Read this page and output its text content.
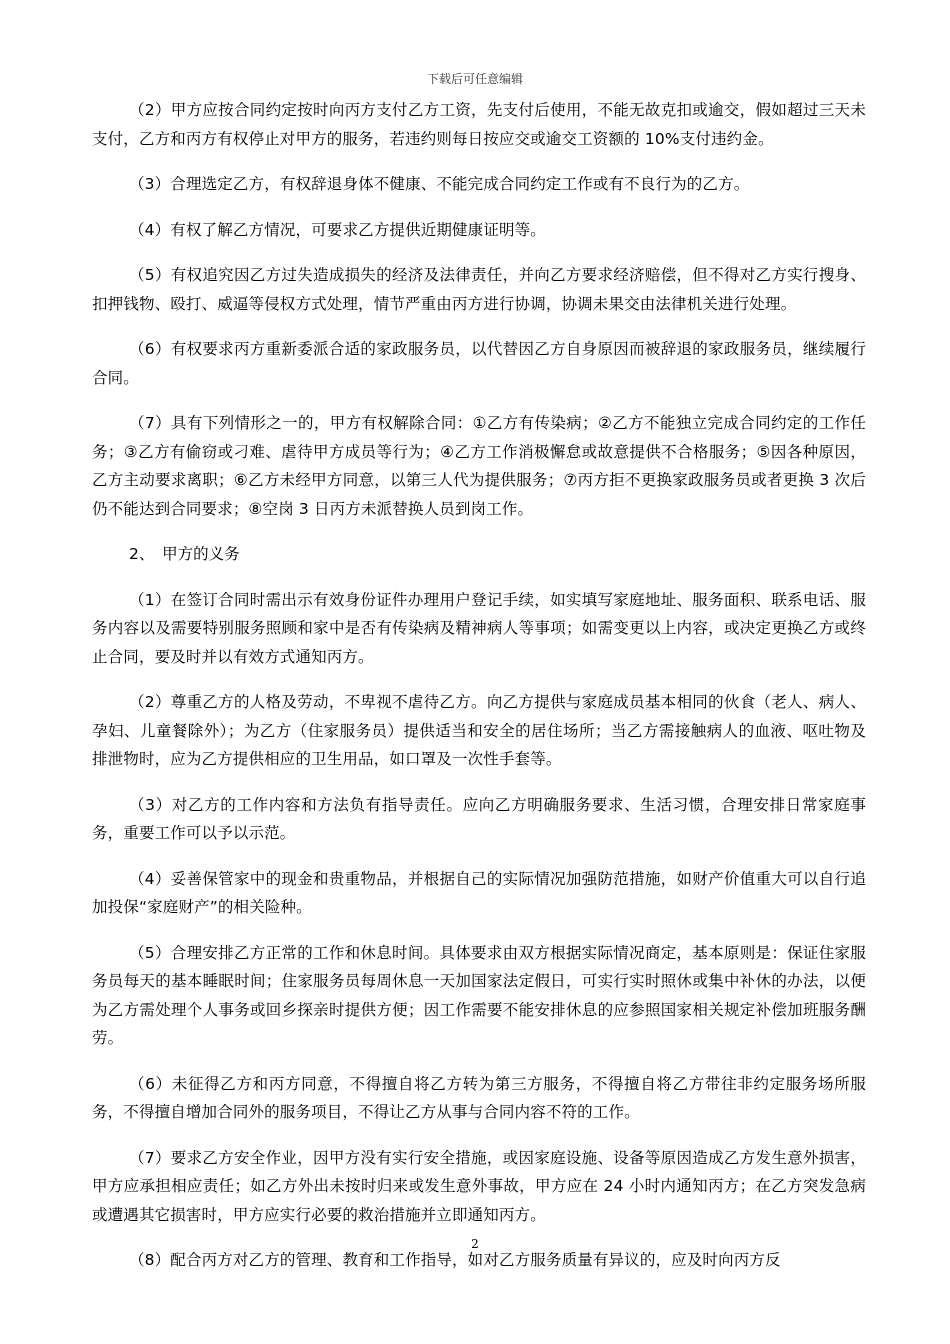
下载后可任意编辑

（2）甲方应按合同约定按时向丙方支付乙方工资，先支付后使用，不能无故克扣或逾交，假如超过三天未支付，乙方和丙方有权停止对甲方的服务，若违约则每日按应交或逾交工资额的 10%支付违约金。

（3）合理选定乙方，有权辞退身体不健康、不能完成合同约定工作或有不良行为的乙方。

（4）有权了解乙方情况，可要求乙方提供近期健康证明等。

（5）有权追究因乙方过失造成损失的经济及法律责任，并向乙方要求经济赔偿，但不得对乙方实行搜身、扣押钱物、殴打、威逼等侵权方式处理，情节严重由丙方进行协调，协调未果交由法律机关进行处理。

（6）有权要求丙方重新委派合适的家政服务员，以代替因乙方自身原因而被辞退的家政服务员，继续履行合同。

（7）具有下列情形之一的，甲方有权解除合同：①乙方有传染病；②乙方不能独立完成合同约定的工作任务；③乙方有偷窃或刁难、虐待甲方成员等行为；④乙方工作消极懈怠或故意提供不合格服务；⑤因各种原因，乙方主动要求离职；⑥乙方未经甲方同意，以第三人代为提供服务；⑦丙方拒不更换家政服务员或者更换 3 次后仍不能达到合同要求；⑧空岗 3 日丙方未派替换人员到岗工作。

2、　甲方的义务

（1）在签订合同时需出示有效身份证件办理用户登记手续，如实填写家庭地址、服务面积、联系电话、服务内容以及需要特别服务照顾和家中是否有传染病及精神病人等事项；如需变更以上内容，或决定更换乙方或终止合同，要及时并以有效方式通知丙方。

（2）尊重乙方的人格及劳动，不卑视不虐待乙方。向乙方提供与家庭成员基本相同的伙食（老人、病人、孕妇、儿童餐除外）；为乙方（住家服务员）提供适当和安全的居住场所；当乙方需接触病人的血液、呕吐物及排泄物时，应为乙方提供相应的卫生用品，如口罩及一次性手套等。

（3）对乙方的工作内容和方法负有指导责任。应向乙方明确服务要求、生活习惯，合理安排日常家庭事务，重要工作可以予以示范。

（4）妥善保管家中的现金和贵重物品，并根据自己的实际情况加强防范措施，如财产价值重大可以自行追加投保“家庭财产”的相关险种。

（5）合理安排乙方正常的工作和休息时间。具体要求由双方根据实际情况商定，基本原则是：保证住家服务员每天的基本睡眠时间；住家服务员每周休息一天加国家法定假日，可实行实时照休或集中补休的办法，以便为乙方需处理个人事务或回乡探亲时提供方便；因工作需要不能安排休息的应参照国家相关规定补偿加班服务酬劳。

（6）未征得乙方和丙方同意，不得擅自将乙方转为第三方服务，不得擅自将乙方带往非约定服务场所服务，不得擅自增加合同外的服务项目，不得让乙方从事与合同内容不符的工作。

（7）要求乙方安全作业，因甲方没有实行安全措施，或因家庭设施、设备等原因造成乙方发生意外损害，甲方应承担相应责任；如乙方外出未按时归来或发生意外事故，甲方应在 24 小时内通知丙方；在乙方突发急病或遭遇其它损害时，甲方应实行必要的救治措施并立即通知丙方。

（8）配合丙方对乙方的管理、教育和工作指导，如对乙方服务质量有异议的，应及时向丙方反

2
